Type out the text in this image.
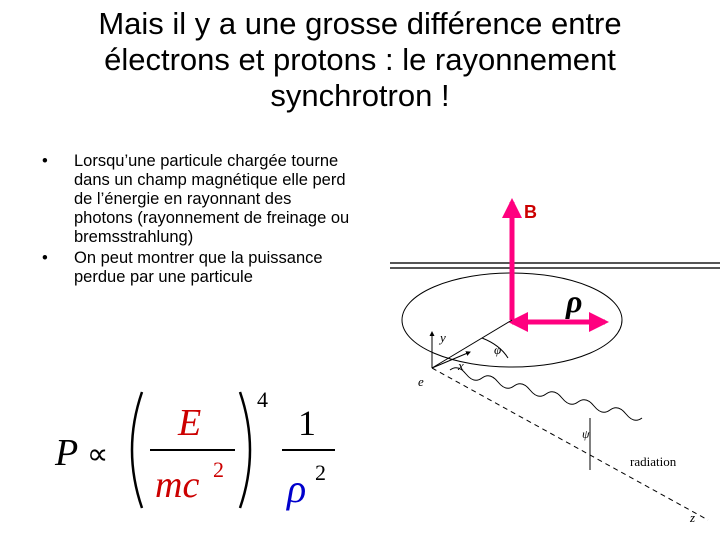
Mais il y a une grosse différence entre
électrons et protons : le rayonnement
synchrotron !
• Lorsqu’une particule chargée tourne dans un champ magnétique elle perd de l’énergie en rayonnant des photons (rayonnement de freinage ou bremsstrahlung)
• On peut montrer que la puissance perdue par une particule
P ∝
E
mc 2
4
1
ρ 2
B
ρ
y
x
e
φ
z
ψ
radiation
